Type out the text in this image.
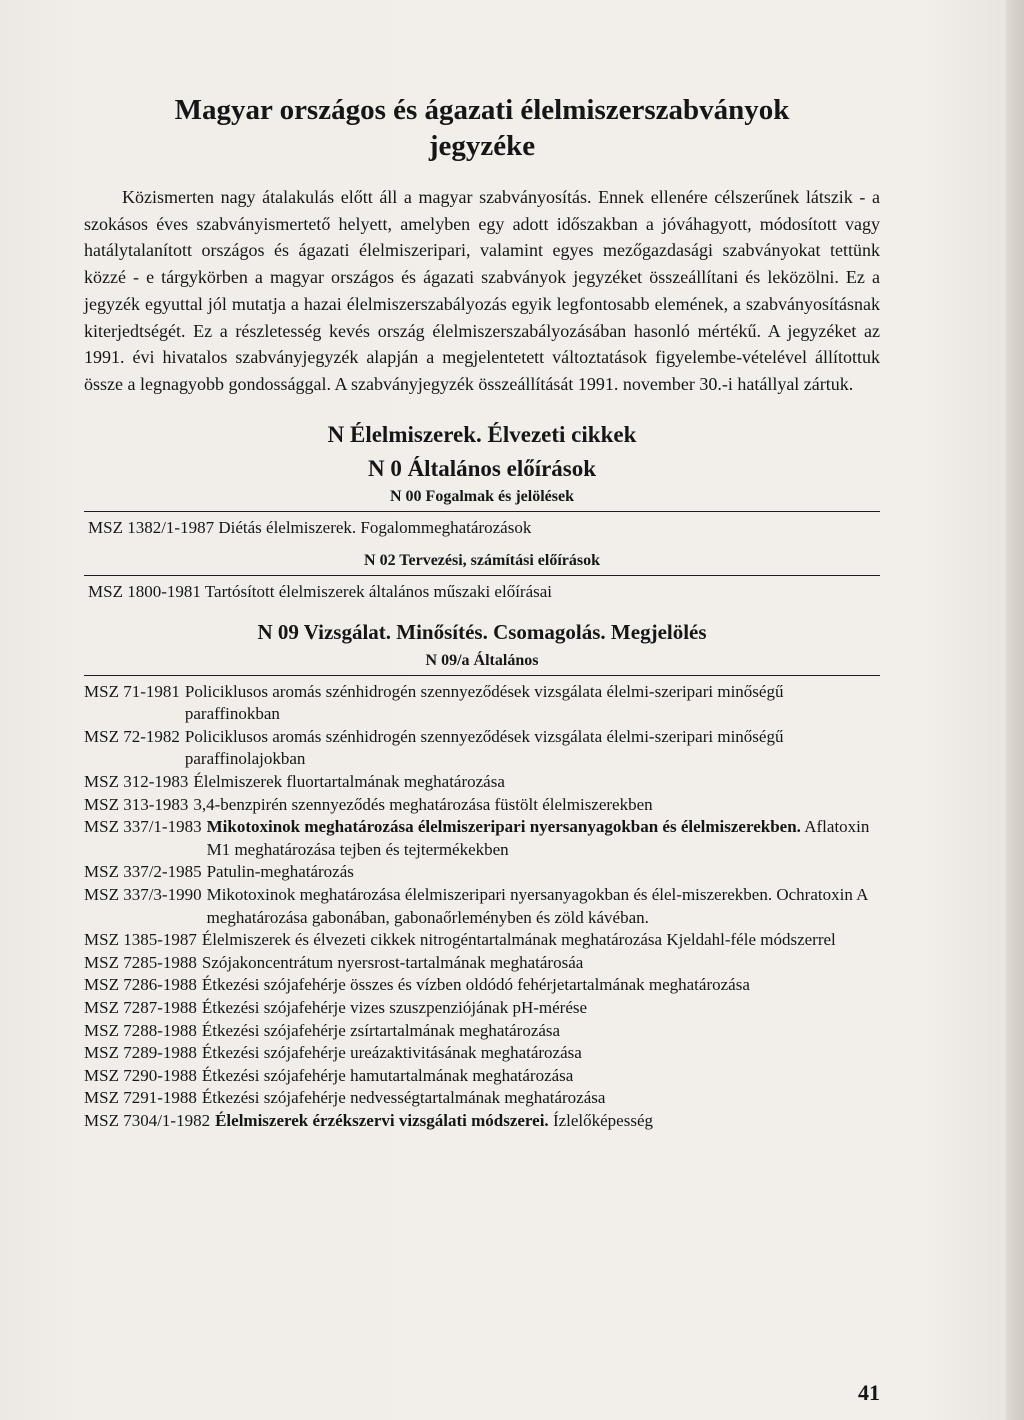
Magyar országos és ágazati élelmiszerszabványok
jegyzéke

Közismerten nagy átalakulás előtt áll a magyar szabványosítás. Ennek ellenére célszerűnek látszik - a szokásos éves szabványismertető helyett, amelyben egy adott időszakban a jóváhagyott, módosított vagy hatálytalanított országos és ágazati élelmiszeripari, valamint egyes mezőgazdasági szabványokat tettünk közzé - e tárgykörben a magyar országos és ágazati szabványok jegyzéket összeállítani és leközölni. Ez a jegyzék egyuttal jól mutatja a hazai élelmiszerszabályozás egyik legfontosabb elemének, a szabványosításnak kiterjedtségét. Ez a részletesség kevés ország élelmiszerszabályozásában hasonló mértékű. A jegyzéket az 1991. évi hivatalos szabványjegyzék alapján a megjelentetett változtatások figyelembe-vételével állítottuk össze a legnagyobb gondossággal. A szabványjegyzék összeállítását 1991. november 30.-i hatállyal zártuk.

N Élelmiszerek. Élvezeti cikkek
N 0 Általános előírások
N 00 Fogalmak és jelölések
MSZ 1382/1-1987 Diétás élelmiszerek. Fogalommeghatározások
N 02 Tervezési, számítási előírások
MSZ 1800-1981 Tartósított élelmiszerek általános műszaki előírásai
N 09 Vizsgálat. Minősítés. Csomagolás. Megjelölés
N 09/a Általános
MSZ 71-1981 Policiklusos aromás szénhidrogén szennyeződések vizsgálata élelmi-szeripari minőségű paraffinokban
MSZ 72-1982 Policiklusos aromás szénhidrogén szennyeződések vizsgálata élelmi-szeripari minőségű paraffinolajokban
MSZ 312-1983 Élelmiszerek fluortartalmának meghatározása
MSZ 313-1983 3,4-benzpirén szennyeződés meghatározása füstölt élelmiszerekben
MSZ 337/1-1983 Mikotoxinok meghatározása élelmiszeripari nyersanyagokban és élelmiszerekben. Aflatoxin M1 meghatározása tejben és tejtermékekben
MSZ 337/2-1985 Patulin-meghatározás
MSZ 337/3-1990 Mikotoxinok meghatározása élelmiszeripari nyersanyagokban és élel-miszerekben. Ochratoxin A meghatározása gabonában, gabonaőrleményben és zöld kávéban.
MSZ 1385-1987 Élelmiszerek és élvezeti cikkek nitrogéntartalmának meghatározása Kjeldahl-féle módszerrel
MSZ 7285-1988 Szójakoncentrátum nyersrost-tartalmának meghatárosáa
MSZ 7286-1988 Étkezési szójafehérje összes és vízben oldódó fehérjetartalmának meghatározása
MSZ 7287-1988 Étkezési szójafehérje vizes szuszpenziójának pH-mérése
MSZ 7288-1988 Étkezési szójafehérje zsírtartalmának meghatározása
MSZ 7289-1988 Étkezési szójafehérje ureázaktivitásának meghatározása
MSZ 7290-1988 Étkezési szójafehérje hamutartalmának meghatározása
MSZ 7291-1988 Étkezési szójafehérje nedvességtartalmának meghatározása
MSZ 7304/1-1982 Élelmiszerek érzékszervi vizsgálati módszerei. Ízlelőképesség
41
